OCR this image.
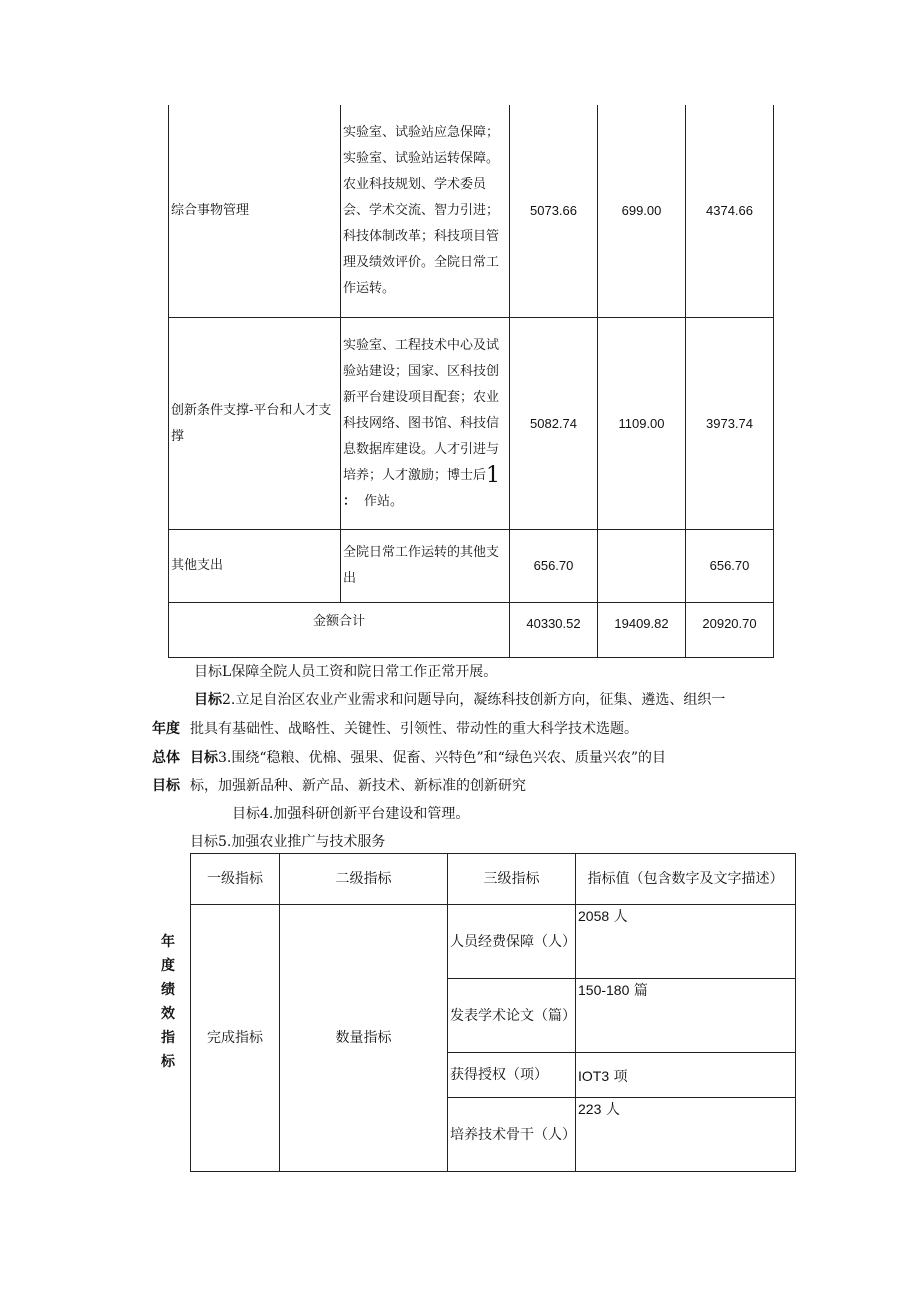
综合事物管理	实验室、试验站应急保障；实验室、试验站运转保障。农业科技规划、学术委员会、学术交流、智力引进；科技体制改革；科技项目管理及绩效评价。全院日常工作运转。	5073.66	699.00	4374.66
创新条件支撑-平台和人才支撑	实验室、工程技术中心及试验站建设；国家、区科技创新平台建设项目配套；农业科技网络、图书馆、科技信息数据库建设。人才引进与培养；人才激励；博士后1
： 作站。	5082.74	1109.00	3973.74
其他支出	全院日常工作运转的其他支出	656.70		656.70
金额合计		40330.52	19409.82	20920.70
目标L保障全院人员工资和院日常工作正常开展。
目标2.立足自治区农业产业需求和问题导向，凝练科技创新方向，征集、遴选、组织一
批具有基础性、战略性、关键性、引领性、带动性的重大科学技术选题。
年度
总体
目标
目标3.围绕“稳粮、优棉、强果、促畜、兴特色”和“绿色兴农、质量兴农”的目
标，加强新品种、新产品、新技术、新标准的创新研究
目标4.加强科研创新平台建设和管理。
目标5.加强农业推广与技术服务
年
度
绩
效
指
标
一级指标	二级指标	三级指标	指标值（包含数字及文字描述）
完成指标	数量指标	人员经费保障（人）	2058 人
		发表学术论文（篇）	150-180 篇
		获得授权（项）	IOT3 项
		培养技术骨干（人）	223 人
